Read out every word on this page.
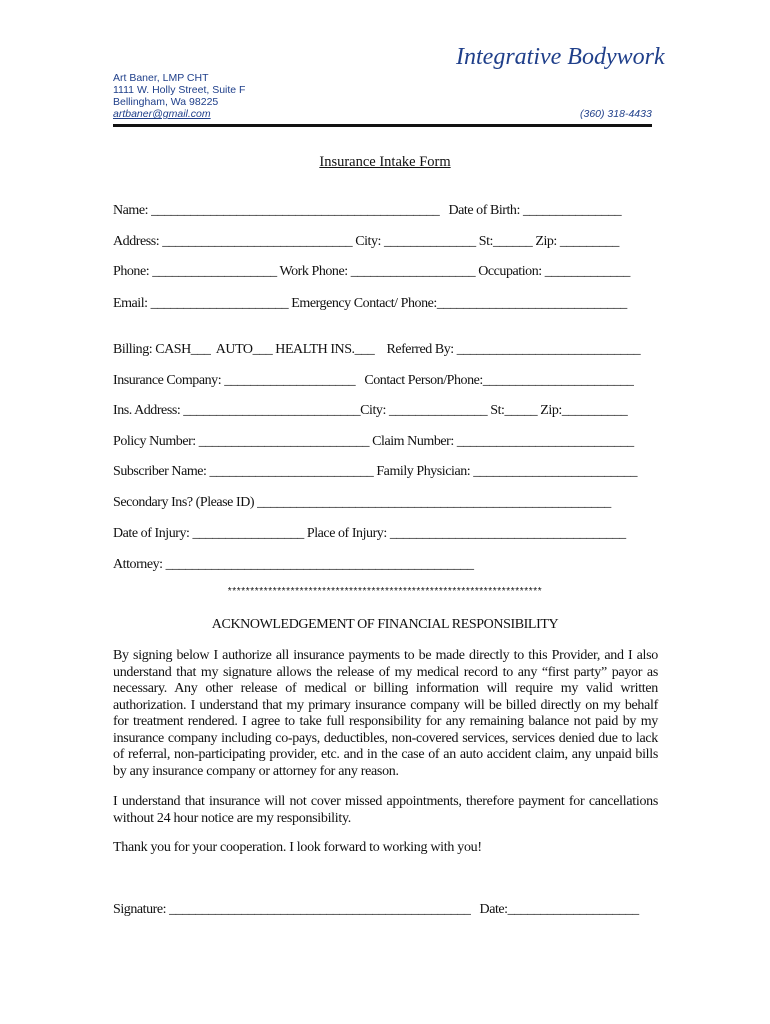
Integrative Bodywork
Art Baner, LMP CHT
1111 W. Holly Street, Suite F
Bellingham, Wa 98225
artbaner@gmail.com	(360) 318-4433
Insurance Intake Form
Name: ____________________________________________   Date of Birth: _______________
Address: _____________________________ City: ______________ St:______ Zip: _________
Phone: ___________________ Work Phone: ___________________ Occupation: _____________
Email: _____________________ Emergency Contact/ Phone:_____________________________
Billing: CASH___  AUTO___ HEALTH INS.___    Referred By: ____________________________
Insurance Company: ____________________   Contact Person/Phone:_______________________
Ins. Address: ___________________________City: _______________ St:_____ Zip:__________
Policy Number: __________________________ Claim Number: ___________________________
Subscriber Name: _________________________ Family Physician: _________________________
Secondary Ins? (Please ID) ______________________________________________________
Date of Injury: _________________ Place of Injury: ____________________________________
Attorney: _______________________________________________
**********************************************************************
ACKNOWLEDGEMENT OF FINANCIAL RESPONSIBILITY

By signing below I authorize all insurance payments to be made directly to this Provider, and I also understand that my signature allows the release of my medical record to any “first party” payor as necessary. Any other release of medical or billing information will require my valid written authorization. I understand that my primary insurance company will be billed directly on my behalf for treatment rendered. I agree to take full responsibility for any remaining balance not paid by my insurance company including co-pays, deductibles, non-covered services, services denied due to lack of referral, non-participating provider, etc. and in the case of an auto accident claim, any unpaid bills by any insurance company or attorney for any reason.

I understand that insurance will not cover missed appointments, therefore payment for cancellations without 24 hour notice are my responsibility.

Thank you for your cooperation. I look forward to working with you!

Signature: ______________________________________________   Date:____________________
